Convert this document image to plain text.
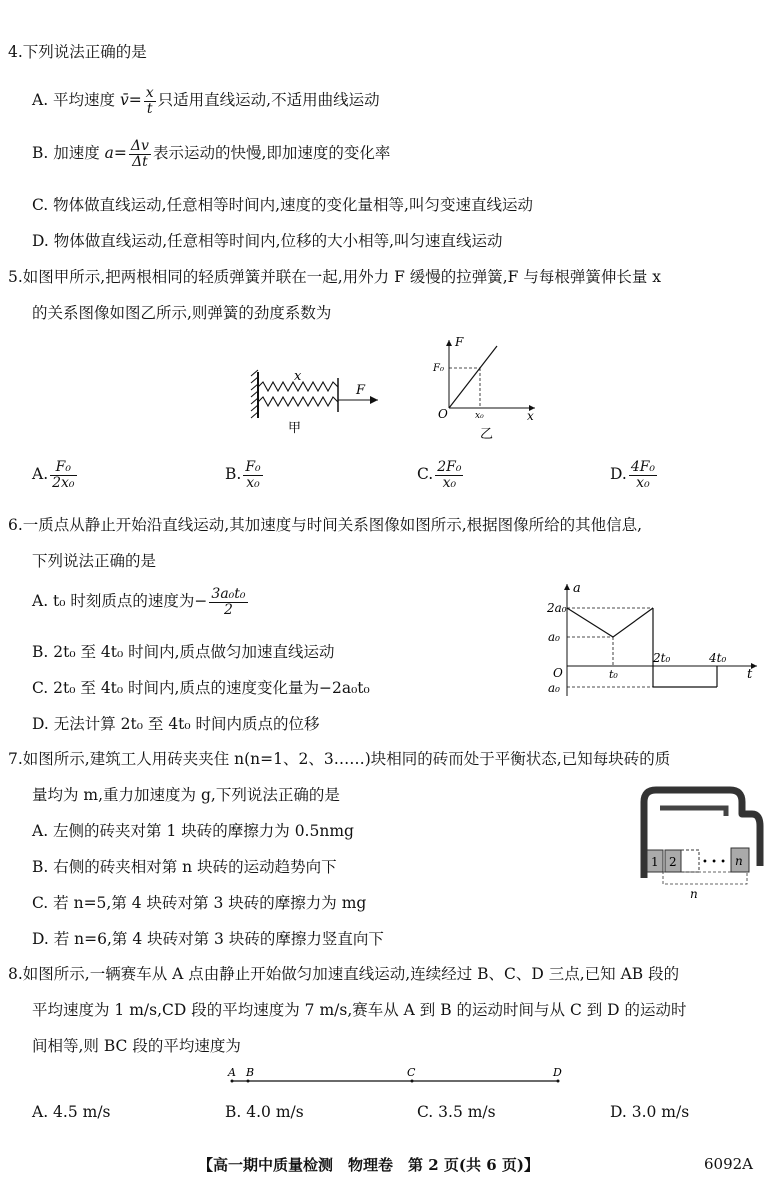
4.下列说法正确的是
A. 平均速度 v̄= $\frac{x}{t}$ 只适用直线运动,不适用曲线运动
B. 加速度 $a= \frac{\Delta v}{\Delta t}$ 表示运动的快慢,即加速度的变化率
C. 物体做直线运动,任意相等时间内,速度的变化量相等,叫匀变速直线运动
D. 物体做直线运动,任意相等时间内,位移的大小相等,叫匀速直线运动
5.如图甲所示,把两根相同的轻质弹簧并联在一起,用外力 F 缓慢的拉弹簧,F 与每根弹簧伸长量 x
的关系图像如图乙所示,则弹簧的劲度系数为
x
F
甲
F
F₀
O	x₀	x
乙
A. $\frac{\text{F₀}}{\text{2x₀}}$	B. $\frac{\text{F₀}}{\text{x₀}}$	C. $\frac{\text{2F₀}}{\text{x₀}}$	D. $\frac{\text{4F₀}}{\text{x₀}}$
6.一质点从静止开始沿直线运动,其加速度与时间关系图像如图所示,根据图像所给的其他信息,
下列说法正确的是
A. t₀ 时刻质点的速度为− $\frac{\text{3a₀t₀}}{2}$
B. 2t₀ 至 4t₀ 时间内,质点做匀加速直线运动
C. 2t₀ 至 4t₀ 时间内,质点的速度变化量为−2a₀t₀
D. 无法计算 2t₀ 至 4t₀ 时间内质点的位移
a
2a₀
a₀
O
a₀
t₀
2t₀	4t₀
t
7.如图所示,建筑工人用砖夹夹住 n(n=1、2、3……)块相同的砖而处于平衡状态,已知每块砖的质
量均为 m,重力加速度为 g,下列说法正确的是
A. 左侧的砖夹对第 1 块砖的摩擦力为 0.5nmg
B. 右侧的砖夹相对第 n 块砖的运动趋势向下
C. 若 n=5,第 4 块砖对第 3 块砖的摩擦力为 mg
D. 若 n=6,第 4 块砖对第 3 块砖的摩擦力竖直向下
1 2	• • • n
n
8.如图所示,一辆赛车从 A 点由静止开始做匀加速直线运动,连续经过 B、C、D 三点,已知 AB 段的
平均速度为 1 m/s,CD 段的平均速度为 7 m/s,赛车从 A 到 B 的运动时间与从 C 到 D 的运动时
间相等,则 BC 段的平均速度为
A B	C	D
A. 4.5 m/s	B. 4.0 m/s	C. 3.5 m/s	D. 3.0 m/s
【高一期中质量检测　物理卷　第 2 页(共 6 页)】	6092A
